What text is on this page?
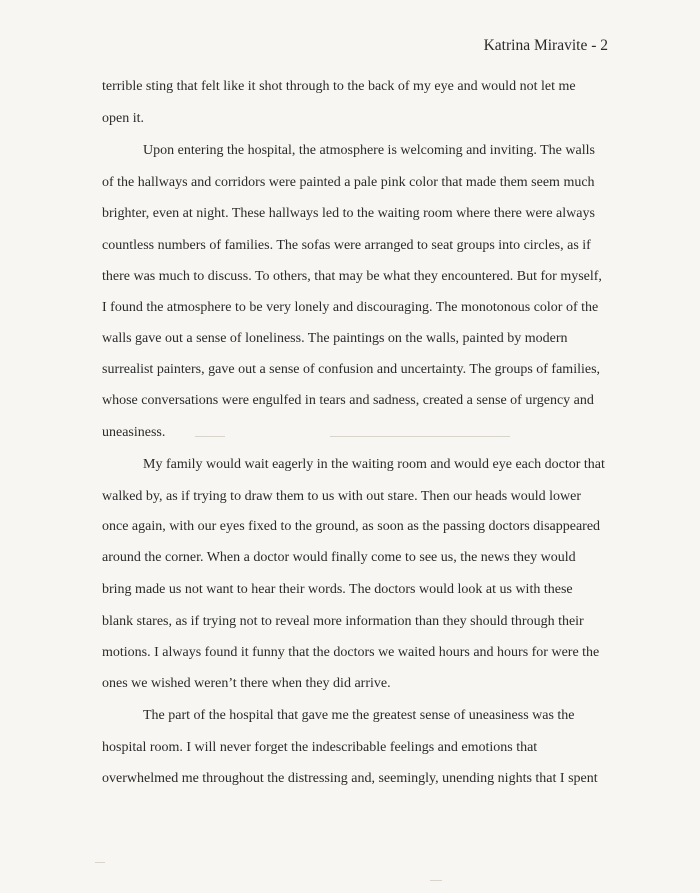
Katrina Miravite - 2
terrible sting that felt like it shot through to the back of my eye and would not let me
open it.
Upon entering the hospital, the atmosphere is welcoming and inviting. The walls
of the hallways and corridors were painted a pale pink color that made them seem much
brighter, even at night. These hallways led to the waiting room where there were always
countless numbers of families. The sofas were arranged to seat groups into circles, as if
there was much to discuss. To others, that may be what they encountered. But for myself,
I found the atmosphere to be very lonely and discouraging. The monotonous color of the
walls gave out a sense of loneliness. The paintings on the walls, painted by modern
surrealist painters, gave out a sense of confusion and uncertainty. The groups of families,
whose conversations were engulfed in tears and sadness, created a sense of urgency and
uneasiness.
My family would wait eagerly in the waiting room and would eye each doctor that
walked by, as if trying to draw them to us with out stare. Then our heads would lower
once again, with our eyes fixed to the ground, as soon as the passing doctors disappeared
around the corner. When a doctor would finally come to see us, the news they would
bring made us not want to hear their words. The doctors would look at us with these
blank stares, as if trying not to reveal more information than they should through their
motions. I always found it funny that the doctors we waited hours and hours for were the
ones we wished weren’t there when they did arrive.
The part of the hospital that gave me the greatest sense of uneasiness was the
hospital room. I will never forget the indescribable feelings and emotions that
overwhelmed me throughout the distressing and, seemingly, unending nights that I spent
